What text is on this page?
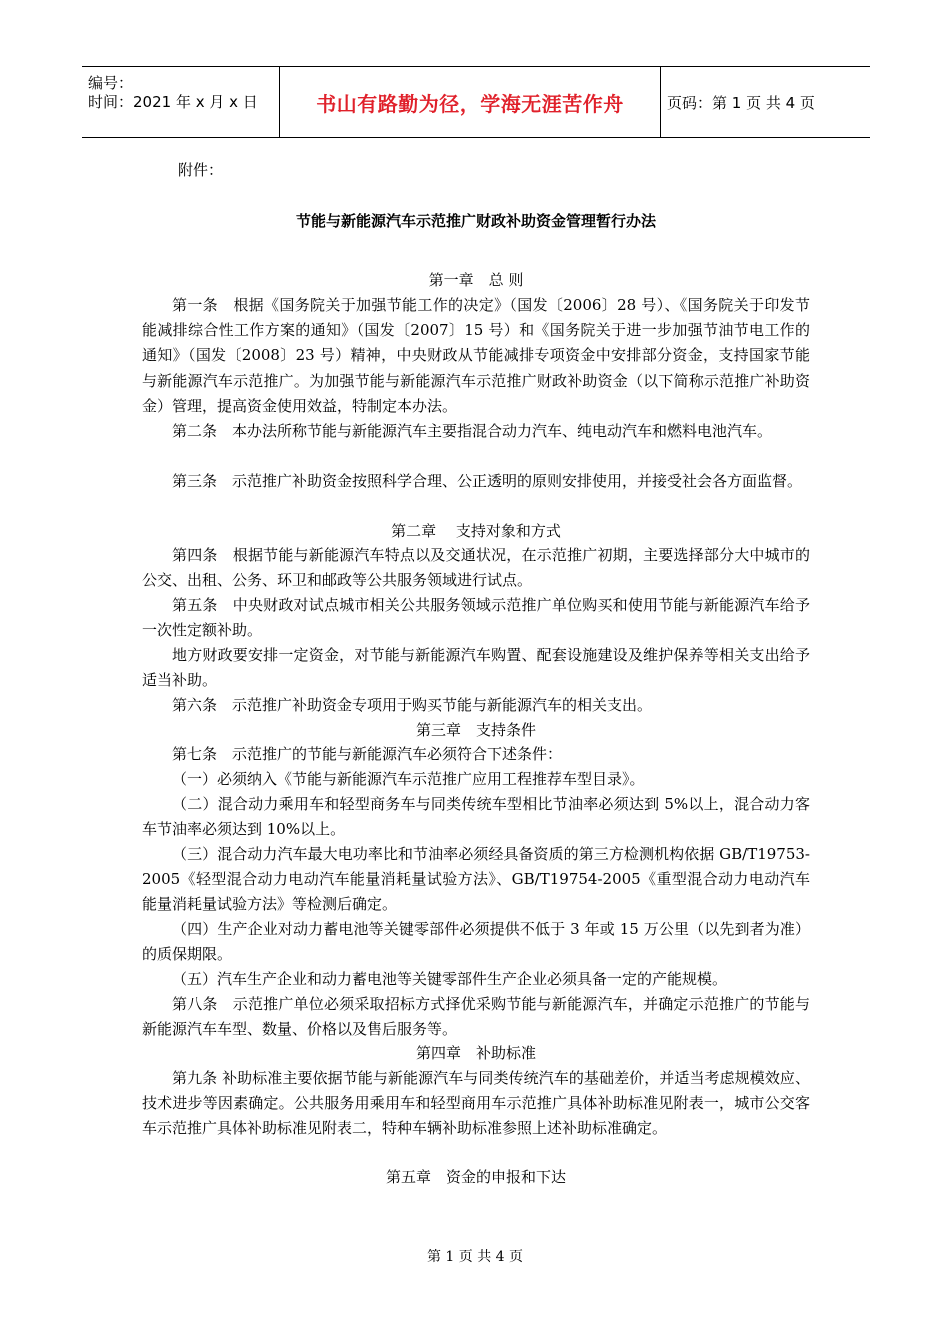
编号：
时间：2021 年 x 月 x 日	书山有路勤为径，学海无涯苦作舟	页码：第 1 页 共 4 页
附件：
节能与新能源汽车示范推广财政补助资金管理暂行办法
第一章　总 则
第一条　根据《国务院关于加强节能工作的决定》（国发〔2006〕28 号）、《国务院关于印发节能减排综合性工作方案的通知》（国发〔2007〕15 号）和《国务院关于进一步加强节油节电工作的通知》（国发〔2008〕23 号）精神，中央财政从节能减排专项资金中安排部分资金，支持国家节能与新能源汽车示范推广。为加强节能与新能源汽车示范推广财政补助资金（以下简称示范推广补助资金）管理，提高资金使用效益，特制定本办法。
第二条　本办法所称节能与新能源汽车主要指混合动力汽车、纯电动汽车和燃料电池汽车。
第三条　示范推广补助资金按照科学合理、公正透明的原则安排使用，并接受社会各方面监督。
第二章　 支持对象和方式
第四条　根据节能与新能源汽车特点以及交通状况，在示范推广初期，主要选择部分大中城市的公交、出租、公务、环卫和邮政等公共服务领域进行试点。
第五条　中央财政对试点城市相关公共服务领域示范推广单位购买和使用节能与新能源汽车给予一次性定额补助。
地方财政要安排一定资金，对节能与新能源汽车购置、配套设施建设及维护保养等相关支出给予适当补助。
第六条　示范推广补助资金专项用于购买节能与新能源汽车的相关支出。
第三章　支持条件
第七条　示范推广的节能与新能源汽车必须符合下述条件：
（一）必须纳入《节能与新能源汽车示范推广应用工程推荐车型目录》。
（二）混合动力乘用车和轻型商务车与同类传统车型相比节油率必须达到 5%以上，混合动力客车节油率必须达到 10%以上。
（三）混合动力汽车最大电功率比和节油率必须经具备资质的第三方检测机构依据 GB/T19753-2005《轻型混合动力电动汽车能量消耗量试验方法》、GB/T19754-2005《重型混合动力电动汽车能量消耗量试验方法》等检测后确定。
（四）生产企业对动力蓄电池等关键零部件必须提供不低于 3 年或 15 万公里（以先到者为准）的质保期限。
（五）汽车生产企业和动力蓄电池等关键零部件生产企业必须具备一定的产能规模。
第八条　示范推广单位必须采取招标方式择优采购节能与新能源汽车，并确定示范推广的节能与新能源汽车车型、数量、价格以及售后服务等。
第四章　补助标准
第九条 补助标准主要依据节能与新能源汽车与同类传统汽车的基础差价，并适当考虑规模效应、技术进步等因素确定。公共服务用乘用车和轻型商用车示范推广具体补助标准见附表一，城市公交客车示范推广具体补助标准见附表二，特种车辆补助标准参照上述补助标准确定。
第五章　资金的申报和下达
第 1 页 共 4 页
